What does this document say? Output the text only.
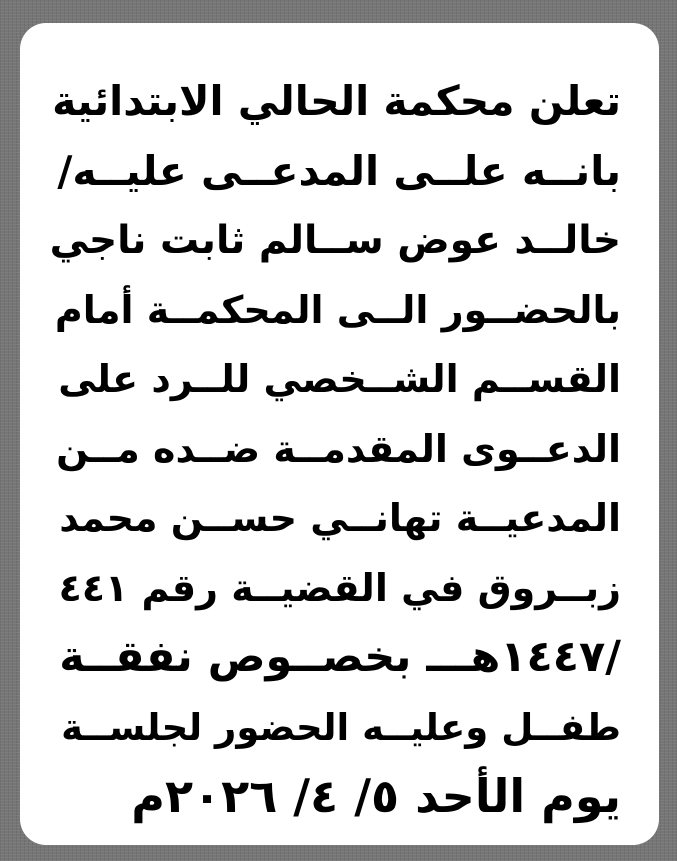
تعلن محكمة الحالي الابتدائية
بانــه علــى المدعــى عليــه/
خالــد عوض ســالم ثابت ناجي
بالحضــور الــى المحكمــة أمام
القســم الشــخصي للــرد على
الدعــوى المقدمــة ضــده مــن
المدعيــة تهانــي حســن محمد
زبــروق في القضيــة رقم ٤٤١
/١٤٤٧هـــ بخصــوص نفقــة
طفــل وعليــه الحضور لجلســة
يوم الأحد ٥/ ٤/ ٢٠٢٦م
